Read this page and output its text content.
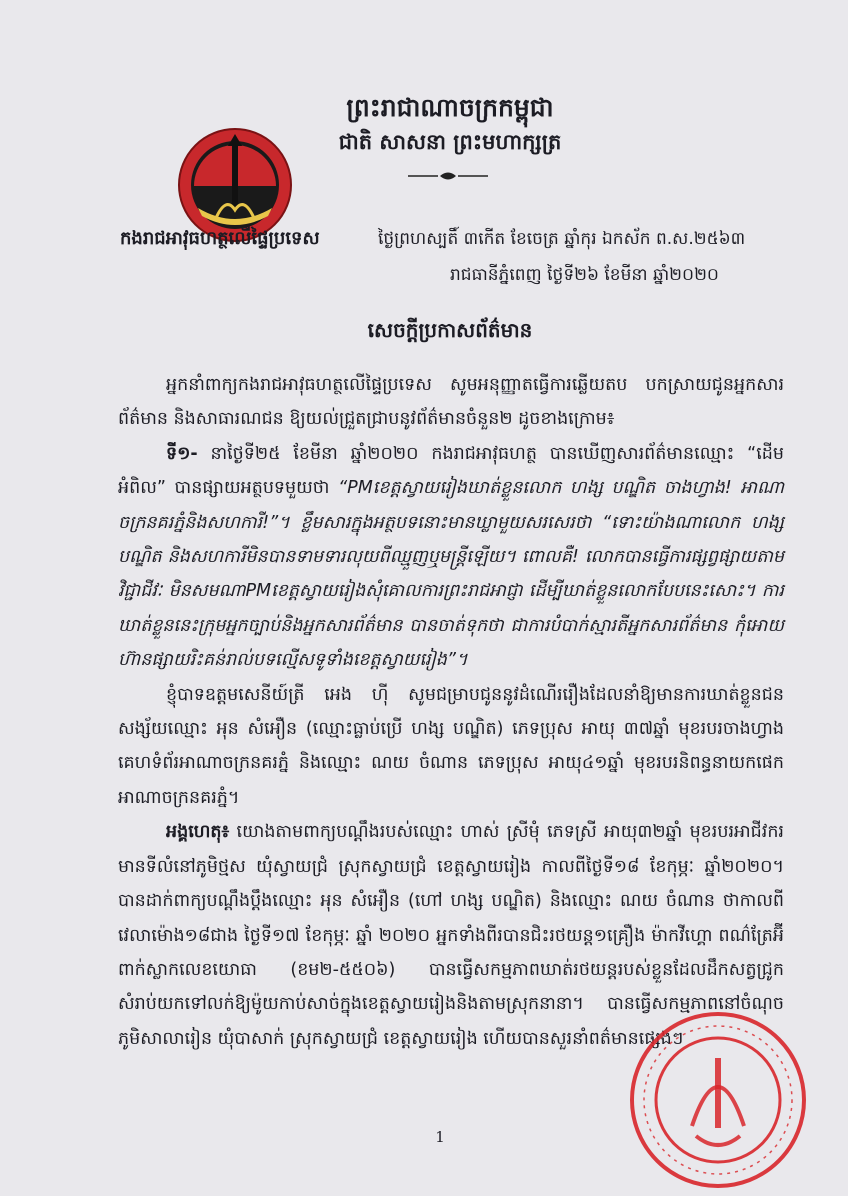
ព្រះរាជាណាចក្រកម្ពុជា
ជាតិ សាសនា ព្រះមហាក្សត្រ
កងរាជអាវុធហត្ថលើផ្ទៃប្រទេស	ថ្ងៃព្រហស្បតិ៍ ៣កើត ខែចេត្រ ឆ្នាំកុរ ឯកស័ក ព.ស.២៥៦៣
រាជធានីភ្នំពេញ ថ្ងៃទី២៦ ខែមីនា ឆ្នាំ២០២០
សេចក្តីប្រកាសព័ត៌មាន

អ្នកនាំពាក្យកងរាជអាវុធហត្ថលើផ្ទៃប្រទេស សូមអនុញ្ញាតធ្វើការឆ្លើយតប បកស្រាយជូនអ្នកសារព័ត៌មាន និងសាធារណជន ឱ្យយល់ជ្រួតជ្រាបនូវព័ត៌មានចំនួន២ ដូចខាងក្រោម៖

ទី១- នាថ្ងៃទី២៥ ខែមីនា ឆ្នាំ២០២០ កងរាជអាវុធហត្ថ បានឃើញសារព័ត៌មានឈ្មោះ “ដើមអំពិល” បានផ្សាយអត្ថបទមួយថា “PMខេត្តស្វាយរៀងឃាត់ខ្លួនលោក ហង្ស បណ្ឌិត ចាងហ្វាង! អាណាចក្រនគរភ្នំនិងសហការី!”។ ខ្លឹមសារក្នុងអត្ថបទនោះមានឃ្លាមួយសរសេរថា “ទោះយ៉ាងណាលោក ហង្ស បណ្ឌិត និងសហការីមិនបានទាមទារលុយពីឈ្មួញឬមន្ត្រីឡើយ។ ពោលគឺ! លោកបានធ្វើការផ្សព្វផ្សាយតាមវិជ្ជាជីវៈ មិនសមណាPMខេត្តស្វាយរៀងសុំគោលការព្រះរាជអាជ្ញា ដើម្បីឃាត់ខ្លួនលោកបែបនេះសោះ។ ការឃាត់ខ្លួននេះក្រុមអ្នកច្បាប់និងអ្នកសារព័ត៌មាន បានចាត់ទុកថា ជាការបំបាក់ស្មារតីអ្នកសារព័ត៌មាន កុំអោយហ៊ានផ្សាយរិះគន់រាល់បទល្មើសទូទាំងខេត្តស្វាយរៀង”។

ខ្ញុំបាទឧត្តមសេនីយ៍ត្រី អេង ហ៊ី សូមជម្រាបជូននូវដំណើររឿងដែលនាំឱ្យមានការឃាត់ខ្លួនជនសង្ស័យឈ្មោះ អុន សំអឿន (ឈ្មោះធ្លាប់ប្រើ ហង្ស បណ្ឌិត) ភេទប្រុស អាយុ ៣៧ឆ្នាំ មុខរបរចាងហ្វាងគេហទំព័រអាណាចក្រនគរភ្នំ និងឈ្មោះ ណយ ចំណាន ភេទប្រុស អាយុ៤១ឆ្នាំ មុខរបរនិពន្ធនាយកផេកអាណាចក្រនគរភ្នំ។

អង្គហេតុ៖ យោងតាមពាក្យបណ្តឹងរបស់ឈ្មោះ ហាស់ ស្រីមុំ ភេទស្រី អាយុ៣២ឆ្នាំ មុខរបរអាជីវករ មានទីលំនៅភូមិថ្មស យុំស្វាយជ្រំ ស្រុកស្វាយជ្រំ ខេត្តស្វាយរៀង កាលពីថ្ងៃទី១៨ ខែកុម្ភៈ ឆ្នាំ២០២០។ បានដាក់ពាក្យបណ្តឹងប្តឹងឈ្មោះ អុន សំអឿន (ហៅ ហង្ស បណ្ឌិត) និងឈ្មោះ ណយ ចំណាន ថាកាលពីវេលាម៉ោង១៨ជាង ថ្ងៃទី១៧ ខែកុម្ភៈ ឆ្នាំ ២០២០ អ្នកទាំងពីរបានជិះរថយន្ត១គ្រឿង ម៉ាកវីហ្គោ ពណ៌ត្រែអ៊ី ពាក់ស្លាកលេខយោធា (ខម២-៥៥០៦) បានធ្វើសកម្មភាពឃាត់រថយន្តរបស់ខ្លួនដែលដឹកសត្វជ្រូកសំរាប់យកទៅលក់ឱ្យម៉ូយកាប់សាច់ក្នុងខេត្តស្វាយរៀងនិងតាមស្រុកនានា។ បានធ្វើសកម្មភាពនៅចំណុចភូមិសាលារៀន យុំបាសាក់ ស្រុកស្វាយជ្រំ ខេត្តស្វាយរៀង ហើយបានសួរនាំពត៌មានផ្សេងៗ

1
